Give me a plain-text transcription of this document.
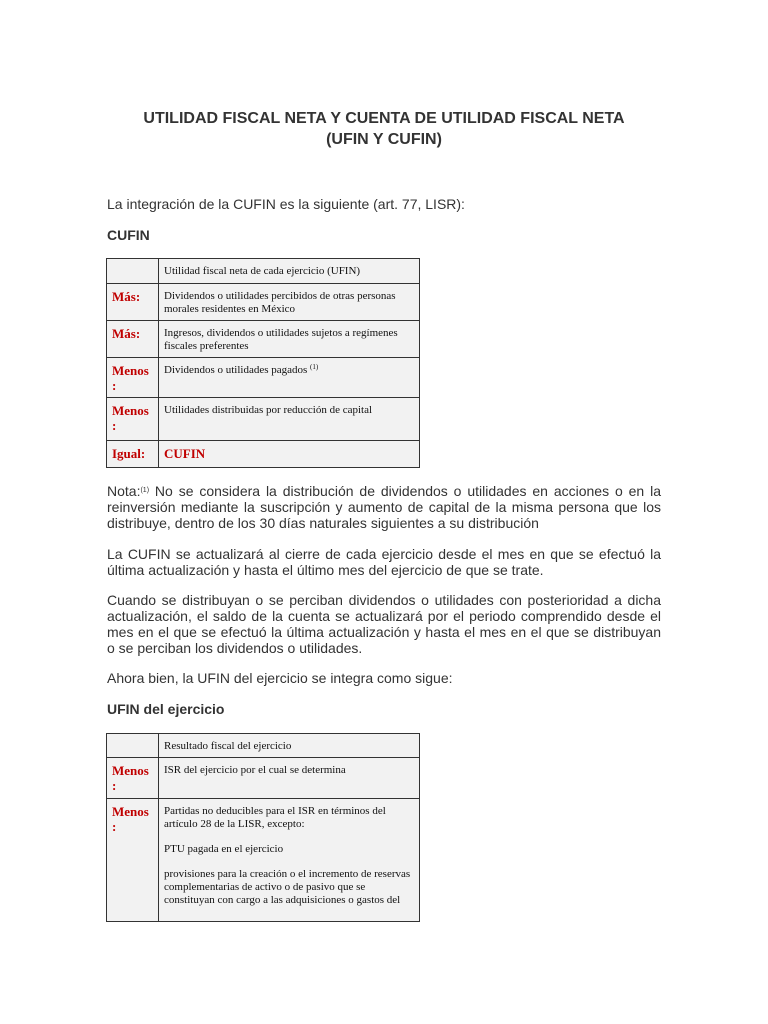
UTILIDAD FISCAL NETA Y CUENTA DE UTILIDAD FISCAL NETA
(UFIN Y CUFIN)
La integración de la CUFIN es la siguiente (art. 77, LISR):
CUFIN
	Utilidad fiscal neta de cada ejercicio (UFIN)
Más:	Dividendos o utilidades percibidos de otras personas morales residentes en México
Más:	Ingresos, dividendos o utilidades sujetos a regímenes fiscales preferentes
Menos :	Dividendos o utilidades pagados $^{(1)}$
Menos :	Utilidades distribuidas por reducción de capital
Igual:	CUFIN
Nota:$^{(1)}$ No se considera la distribución de dividendos o utilidades en acciones o en la reinversión mediante la suscripción y aumento de capital de la misma persona que los distribuye, dentro de los 30 días naturales siguientes a su distribución
La CUFIN se actualizará al cierre de cada ejercicio desde el mes en que se efectuó la última actualización y hasta el último mes del ejercicio de que se trate.
Cuando se distribuyan o se perciban dividendos o utilidades con posterioridad a dicha actualización, el saldo de la cuenta se actualizará por el periodo comprendido desde el mes en el que se efectuó la última actualización y hasta el mes en el que se distribuyan o se perciban los dividendos o utilidades.
Ahora bien, la UFIN del ejercicio se integra como sigue:
UFIN del ejercicio
	Resultado fiscal del ejercicio
Menos :	ISR del ejercicio por el cual se determina
Menos :	Partidas no deducibles para el ISR en términos del artículo 28 de la LISR, excepto:
PTU pagada en el ejercicio
provisiones para la creación o el incremento de reservas complementarias de activo o de pasivo que se constituyan con cargo a las adquisiciones o gastos del
